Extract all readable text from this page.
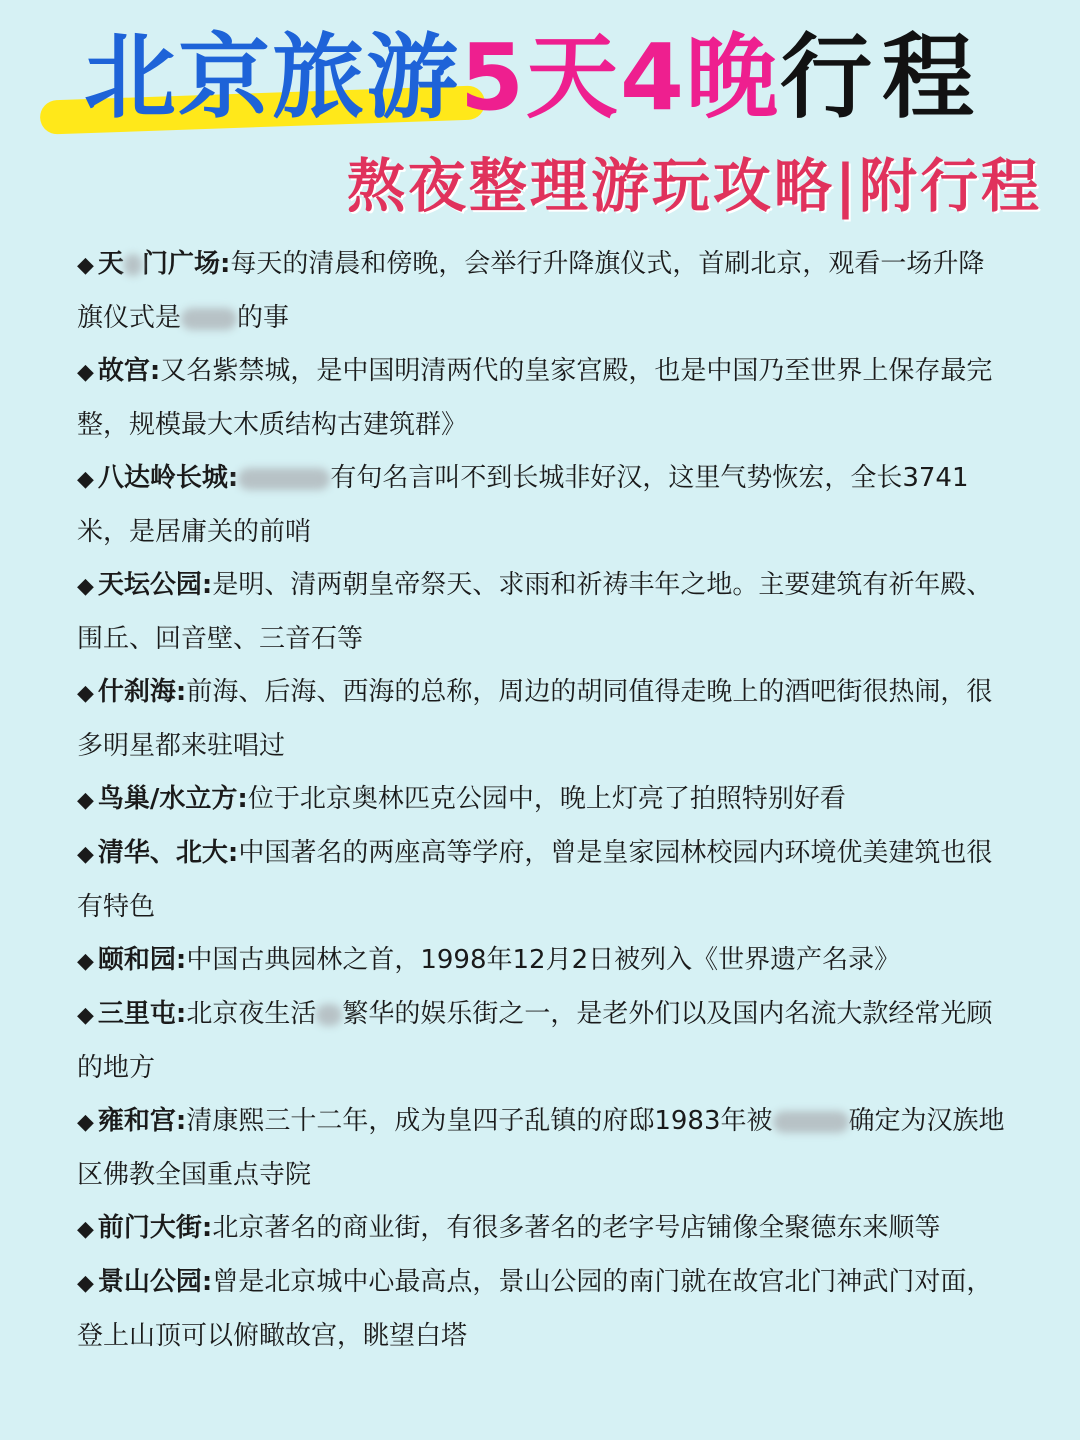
北京旅游5天4晚行程
熬夜整理游玩攻略|附行程
◆ 天 门广场:每天的清晨和傍晚，会举行升降旗仪式，首刷北京，观看一场升降旗仪式是 的事
◆ 故宫:又名紫禁城，是中国明清两代的皇家宫殿，也是中国乃至世界上保存最完整，规模最大木质结构古建筑群》
◆ 八达岭长城:	有句名言叫不到长城非好汉，这里气势恢宏，全长3741米，是居庸关的前哨
◆ 天坛公园:是明、清两朝皇帝祭天、求雨和祈祷丰年之地。主要建筑有祈年殿、围丘、回音壁、三音石等
◆ 什刹海:前海、后海、西海的总称，周边的胡同值得走晚上的酒吧街很热闹，很多明星都来驻唱过
◆ 鸟巢/水立方:位于北京奥林匹克公园中，晚上灯亮了拍照特别好看
◆ 清华、北大:中国著名的两座高等学府，曾是皇家园林校园内环境优美建筑也很有特色
◆ 颐和园:中国古典园林之首，1998年12月2日被列入《世界遗产名录》
◆ 三里屯:北京夜生活 繁华的娱乐街之一，是老外们以及国内名流大款经常光顾的地方
◆ 雍和宫:清康熙三十二年，成为皇四子乱镇的府邸1983年被	确定为汉族地区佛教全国重点寺院
◆ 前门大街:北京著名的商业街，有很多著名的老字号店铺像全聚德东来顺等
◆ 景山公园:曾是北京城中心最高点，景山公园的南门就在故宫北门神武门对面，登上山顶可以俯瞰故宫，眺望白塔
